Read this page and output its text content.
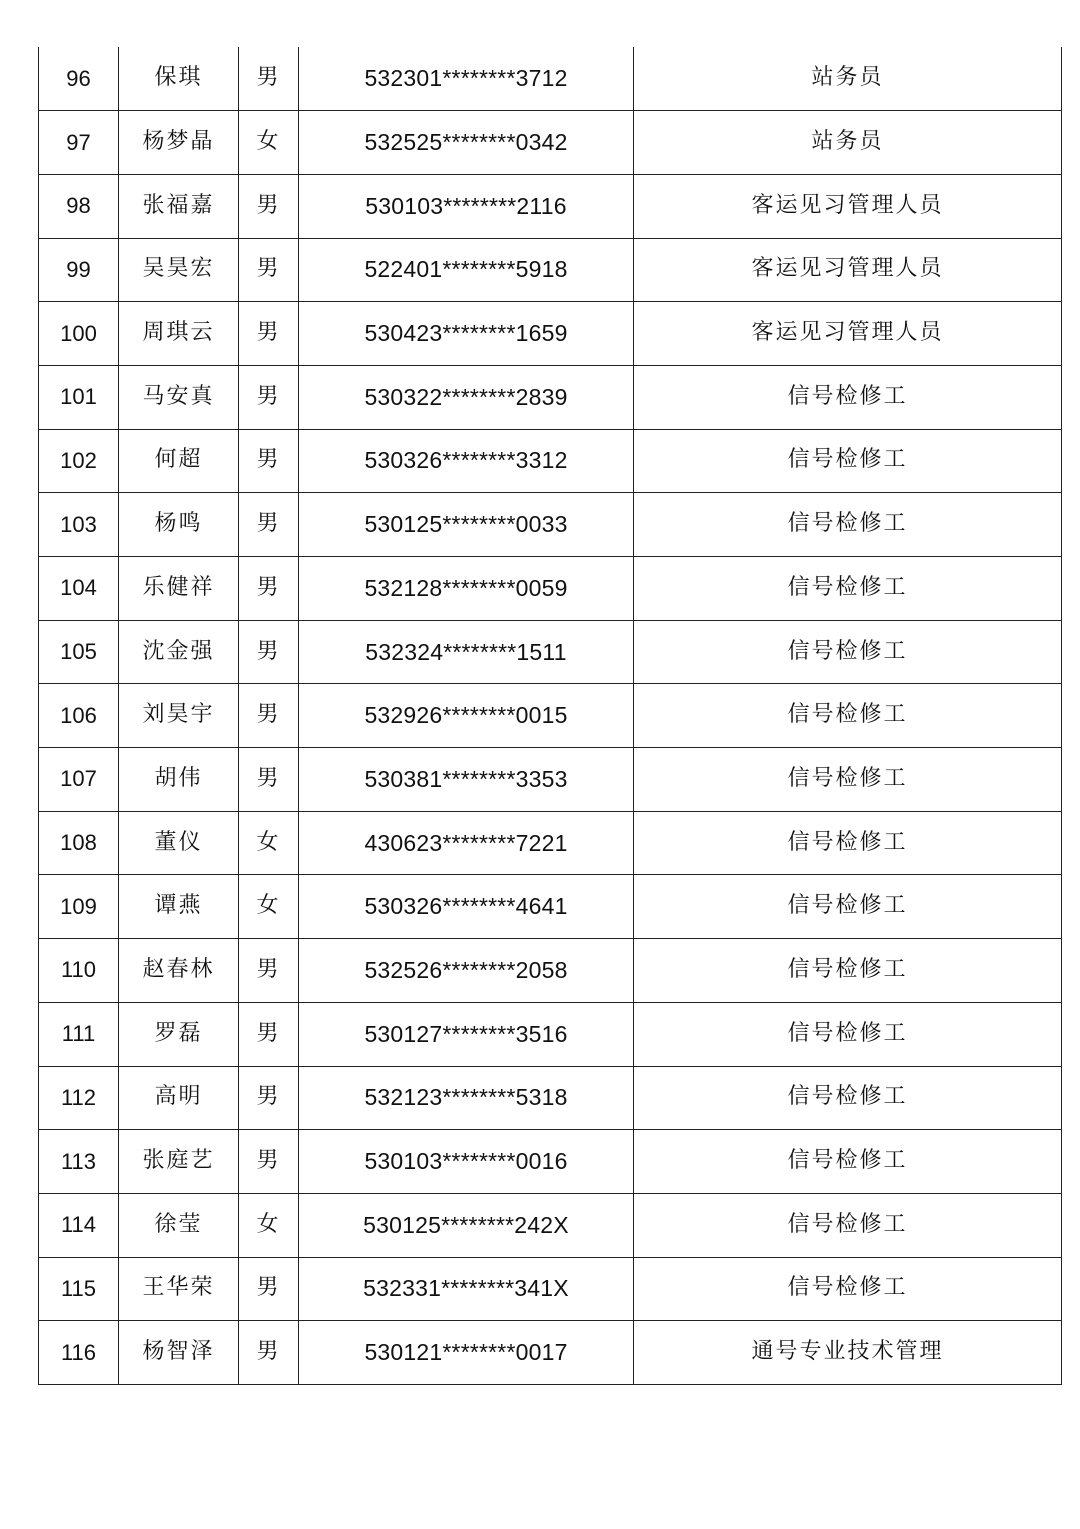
96	保琪	男	532301********3712	站务员
97	杨梦晶	女	532525********0342	站务员
98	张福嘉	男	530103********2116	客运见习管理人员
99	吴昊宏	男	522401********5918	客运见习管理人员
100	周琪云	男	530423********1659	客运见习管理人员
101	马安真	男	530322********2839	信号检修工
102	何超	男	530326********3312	信号检修工
103	杨鸣	男	530125********0033	信号检修工
104	乐健祥	男	532128********0059	信号检修工
105	沈金强	男	532324********1511	信号检修工
106	刘昊宇	男	532926********0015	信号检修工
107	胡伟	男	530381********3353	信号检修工
108	董仪	女	430623********7221	信号检修工
109	谭燕	女	530326********4641	信号检修工
110	赵春林	男	532526********2058	信号检修工
111	罗磊	男	530127********3516	信号检修工
112	高明	男	532123********5318	信号检修工
113	张庭艺	男	530103********0016	信号检修工
114	徐莹	女	530125********242X	信号检修工
115	王华荣	男	532331********341X	信号检修工
116	杨智泽	男	530121********0017	通号专业技术管理
